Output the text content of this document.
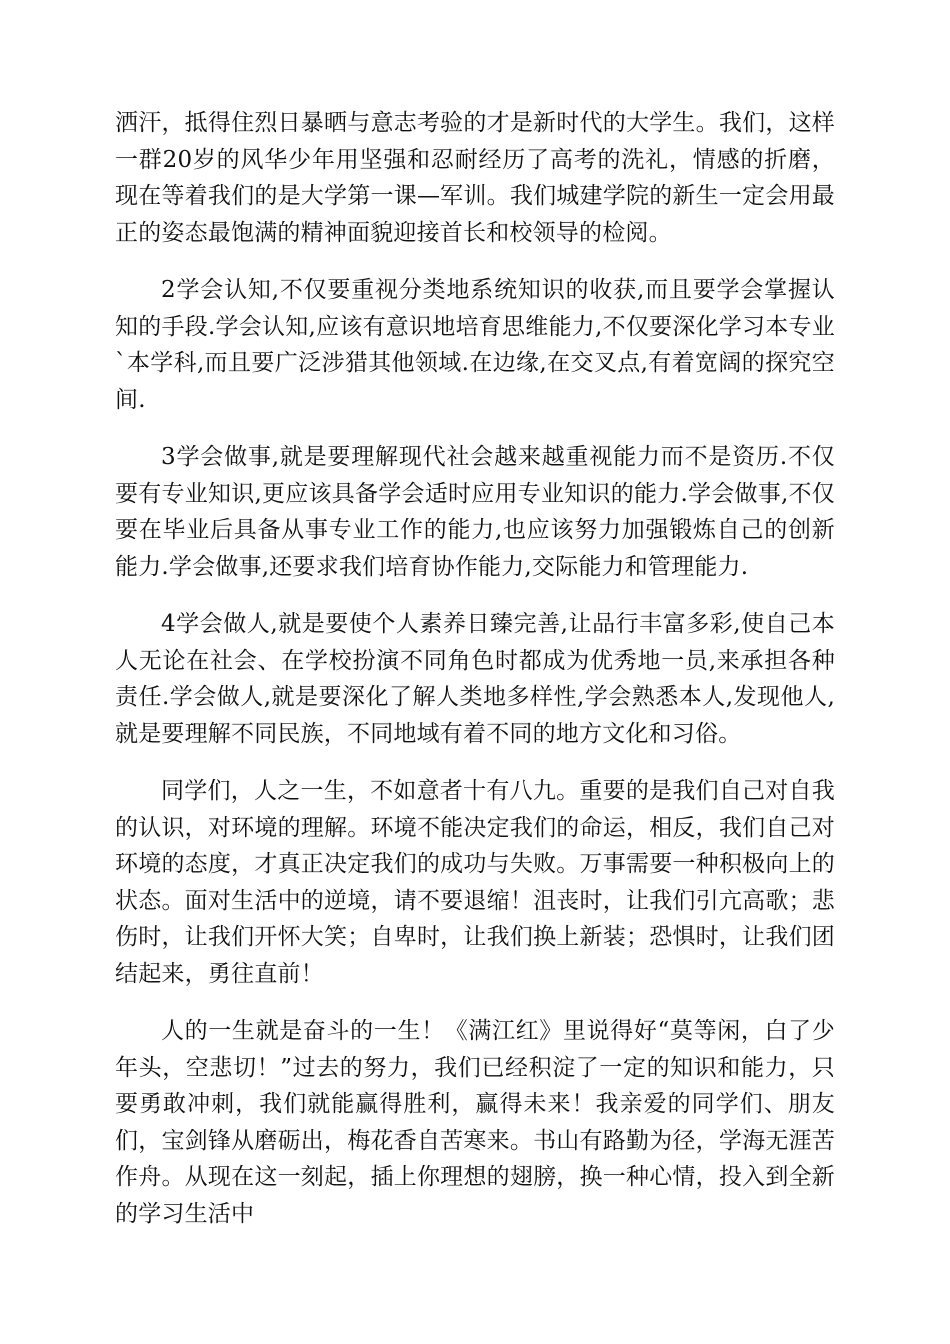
洒汗，抵得住烈日暴晒与意志考验的才是新时代的大学生。我们，这样一群20岁的风华少年用坚强和忍耐经历了高考的洗礼，情感的折磨，现在等着我们的是大学第一课—军训。我们城建学院的新生一定会用最正的姿态最饱满的精神面貌迎接首长和校领导的检阅。

2学会认知,不仅要重视分类地系统知识的收获,而且要学会掌握认知的手段.学会认知,应该有意识地培育思维能力,不仅要深化学习本专业`本学科,而且要广泛涉猎其他领域.在边缘,在交叉点,有着宽阔的探究空间.

3学会做事,就是要理解现代社会越来越重视能力而不是资历.不仅要有专业知识,更应该具备学会适时应用专业知识的能力.学会做事,不仅要在毕业后具备从事专业工作的能力,也应该努力加强锻炼自己的创新能力.学会做事,还要求我们培育协作能力,交际能力和管理能力.

4学会做人,就是要使个人素养日臻完善,让品行丰富多彩,使自己本人无论在社会、在学校扮演不同角色时都成为优秀地一员,来承担各种责任.学会做人,就是要深化了解人类地多样性,学会熟悉本人,发现他人,就是要理解不同民族，不同地域有着不同的地方文化和习俗。

同学们，人之一生，不如意者十有八九。重要的是我们自己对自我的认识，对环境的理解。环境不能决定我们的命运，相反，我们自己对环境的态度，才真正决定我们的成功与失败。万事需要一种积极向上的状态。面对生活中的逆境，请不要退缩！沮丧时，让我们引亢高歌；悲伤时，让我们开怀大笑；自卑时，让我们换上新装；恐惧时，让我们团结起来，勇往直前！

人的一生就是奋斗的一生！《满江红》里说得好“莫等闲，白了少年头，空悲切！”过去的努力，我们已经积淀了一定的知识和能力，只要勇敢冲刺，我们就能赢得胜利，赢得未来！我亲爱的同学们、朋友们，宝剑锋从磨砺出，梅花香自苦寒来。书山有路勤为径，学海无涯苦作舟。从现在这一刻起，插上你理想的翅膀，换一种心情，投入到全新的学习生活中
